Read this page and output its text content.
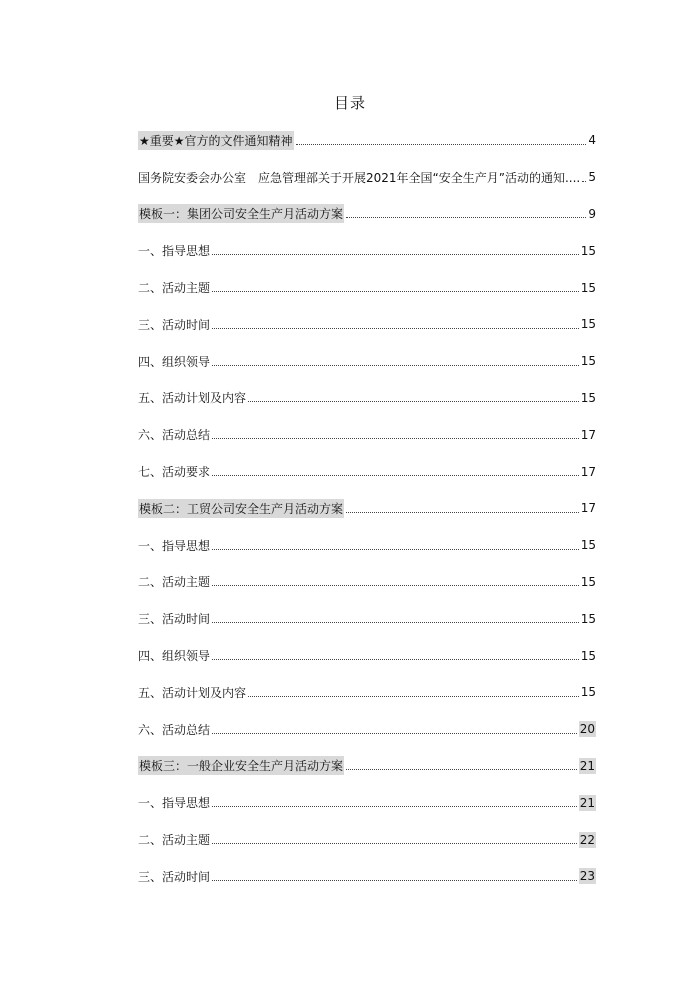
目录
★重要★官方的文件通知精神	4
国务院安委会办公室　应急管理部关于开展2021年全国“安全生产月”活动的通知.... 5
模板一：集团公司安全生产月活动方案	9
一、指导思想	15
二、活动主题	15
三、活动时间	15
四、组织领导	15
五、活动计划及内容	15
六、活动总结	17
七、活动要求	17
模板二：工贸公司安全生产月活动方案	17
一、指导思想	15
二、活动主题	15
三、活动时间	15
四、组织领导	15
五、活动计划及内容	15
六、活动总结	20
模板三：一般企业安全生产月活动方案	21
一、指导思想	21
二、活动主题	22
三、活动时间	23
